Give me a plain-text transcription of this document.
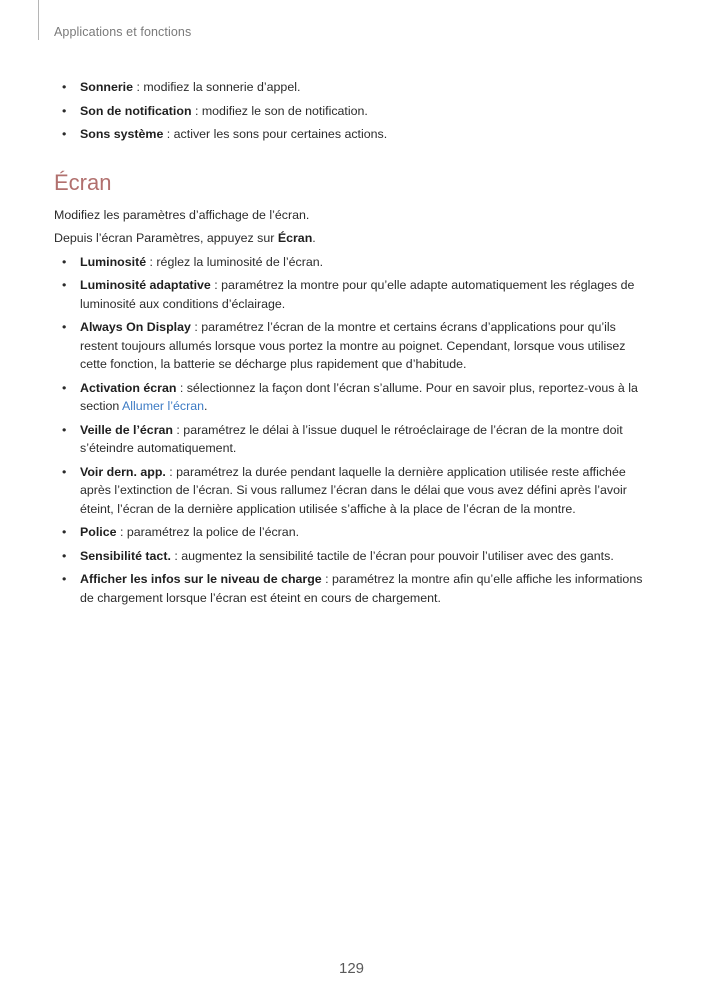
Applications et fonctions
• Sonnerie : modifiez la sonnerie d’appel.
• Son de notification : modifiez le son de notification.
• Sons système : activer les sons pour certaines actions.
Écran

Modifiez les paramètres d’affichage de l’écran.

Depuis l’écran Paramètres, appuyez sur Écran.

• Luminosité : réglez la luminosité de l’écran.
• Luminosité adaptative : paramétrez la montre pour qu’elle adapte automatiquement les réglages de luminosité aux conditions d’éclairage.
• Always On Display : paramétrez l’écran de la montre et certains écrans d’applications pour qu’ils restent toujours allumés lorsque vous portez la montre au poignet. Cependant, lorsque vous utilisez cette fonction, la batterie se décharge plus rapidement que d’habitude.
• Activation écran : sélectionnez la façon dont l’écran s’allume. Pour en savoir plus, reportez-vous à la section Allumer l’écran.
• Veille de l’écran : paramétrez le délai à l’issue duquel le rétroéclairage de l’écran de la montre doit s’éteindre automatiquement.
• Voir dern. app. : paramétrez la durée pendant laquelle la dernière application utilisée reste affichée après l’extinction de l’écran. Si vous rallumez l’écran dans le délai que vous avez défini après l’avoir éteint, l’écran de la dernière application utilisée s’affiche à la place de l’écran de la montre.
• Police : paramétrez la police de l’écran.
• Sensibilité tact. : augmentez la sensibilité tactile de l’écran pour pouvoir l’utiliser avec des gants.
• Afficher les infos sur le niveau de charge : paramétrez la montre afin qu’elle affiche les informations de chargement lorsque l’écran est éteint en cours de chargement.
129
